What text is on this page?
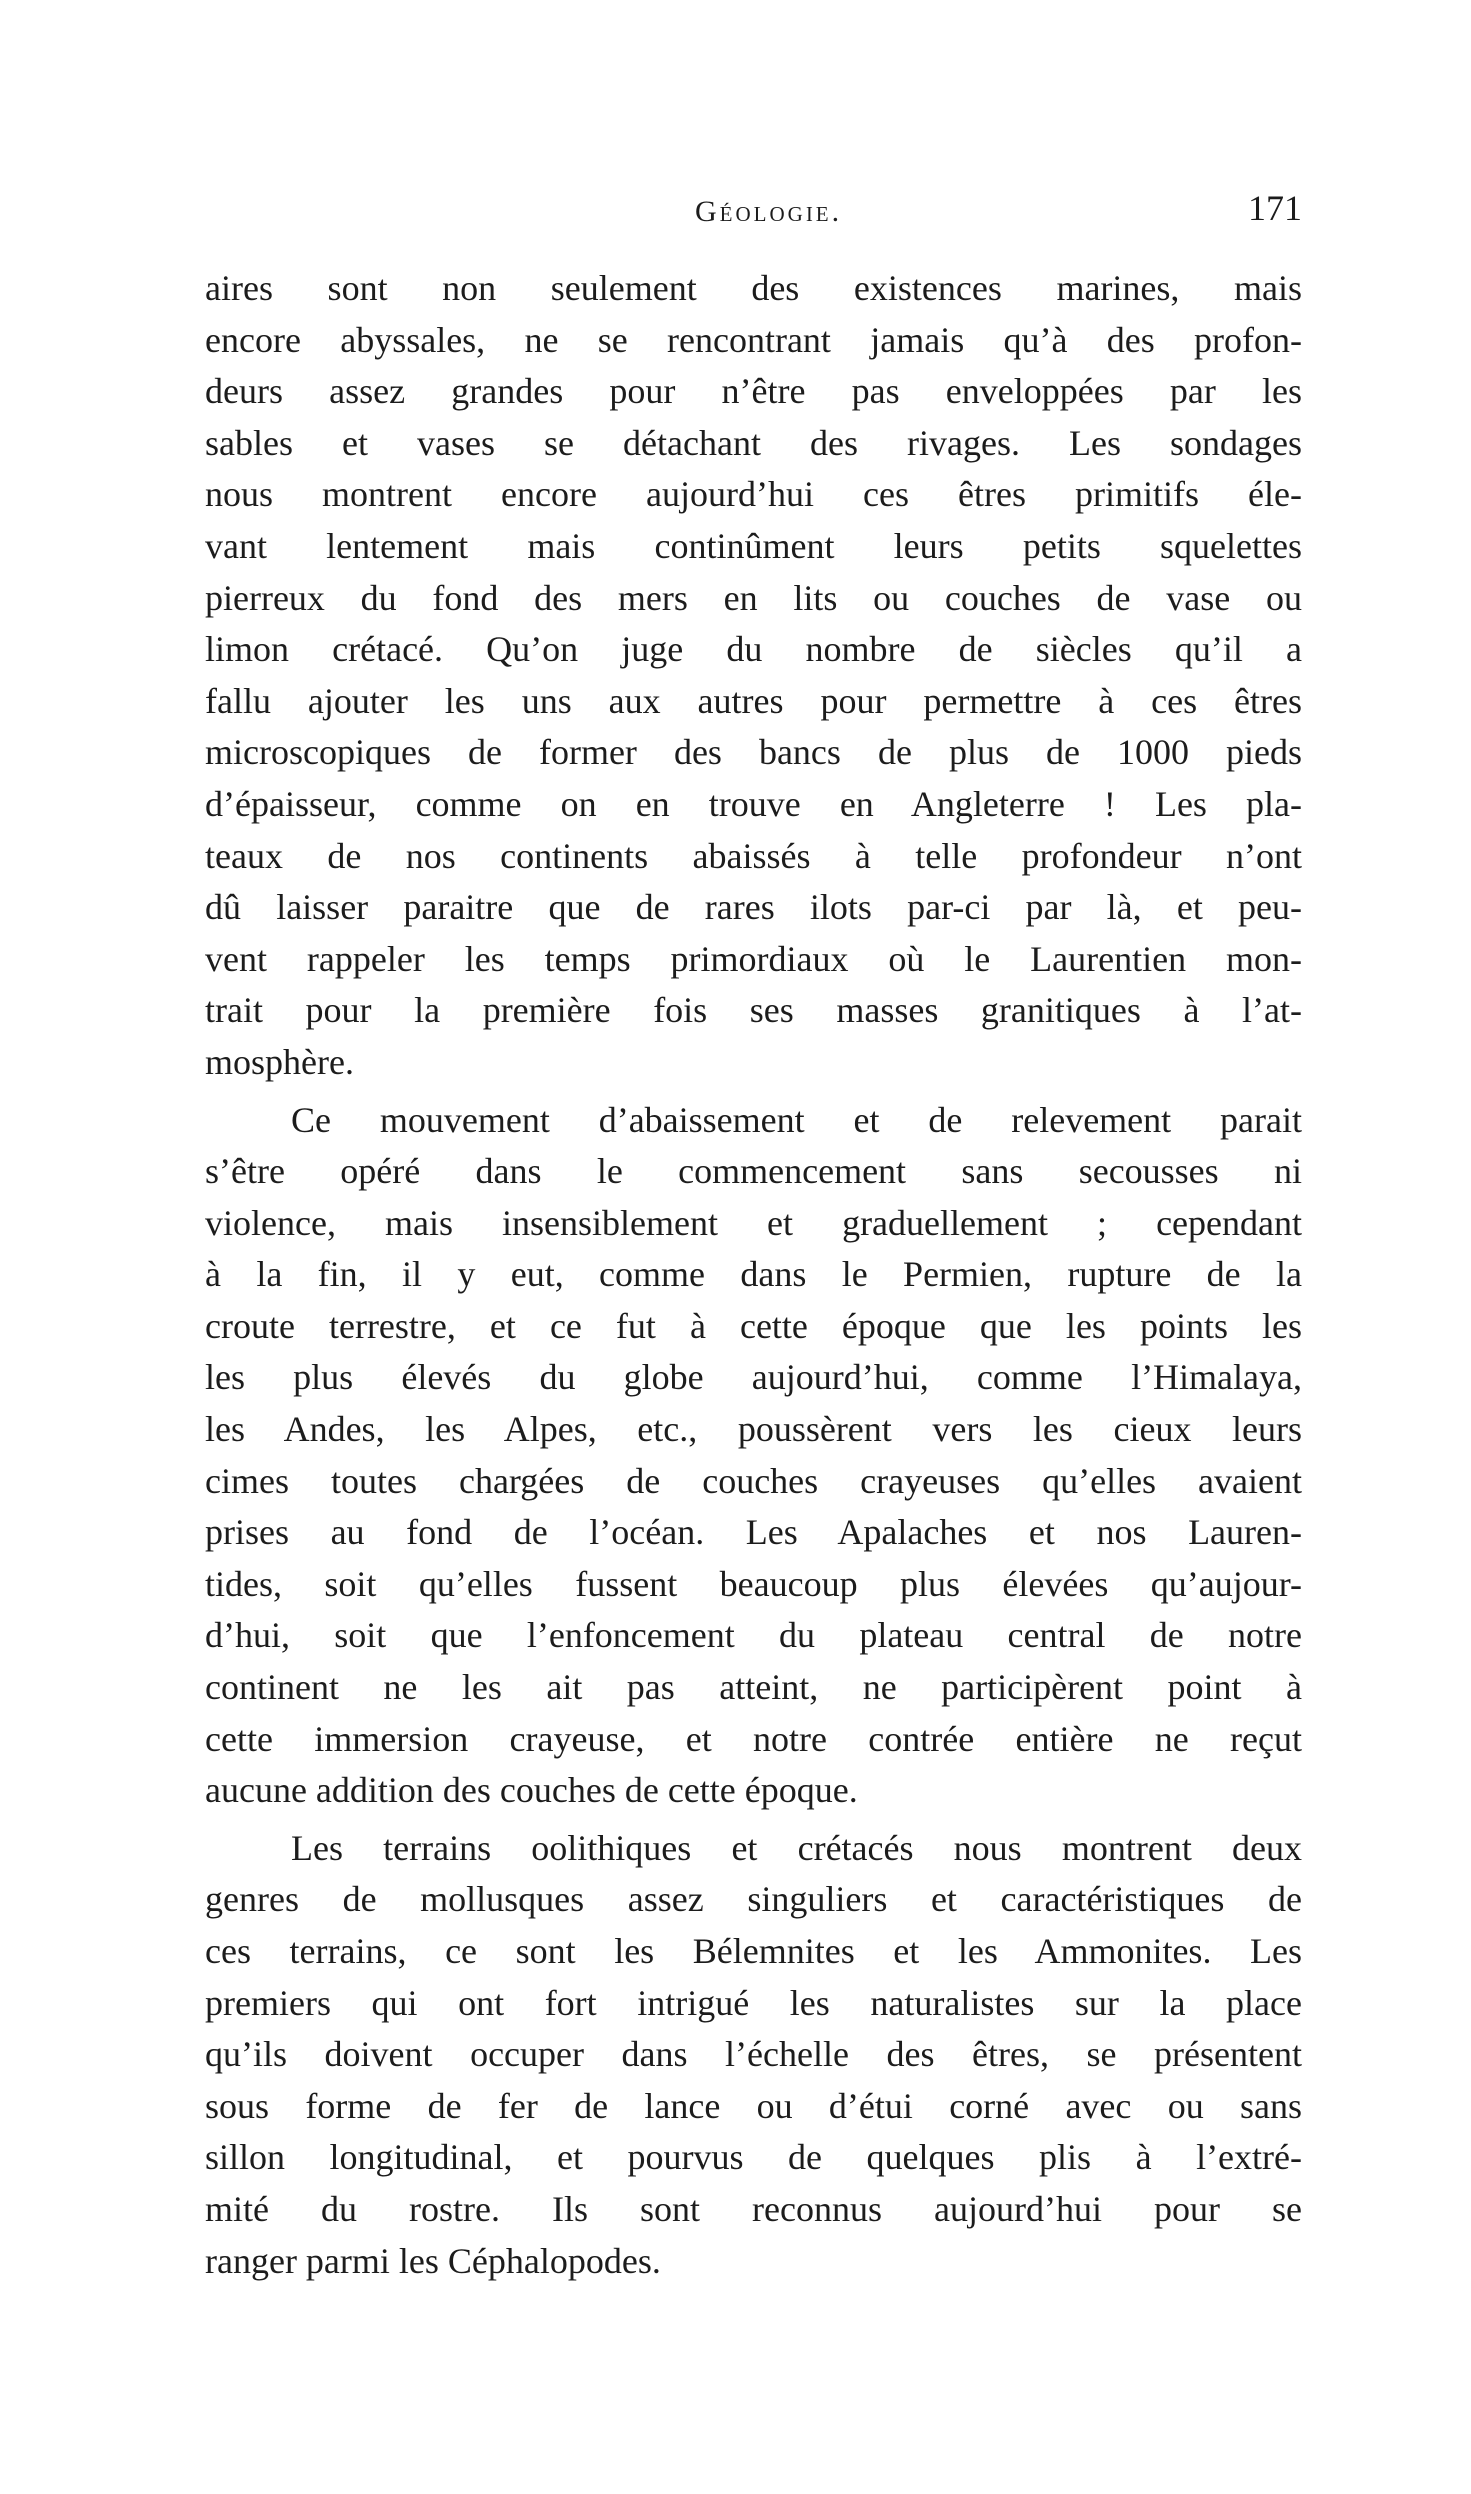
Géologie.	171
aires sont non seulement des existences marines, mais
encore abyssales, ne se rencontrant jamais qu’à des profon-
deurs assez grandes pour n’être pas enveloppées par les
sables et vases se détachant des rivages. Les sondages
nous montrent encore aujourd’hui ces êtres primitifs éle-
vant lentement mais continûment leurs petits squelettes
pierreux du fond des mers en lits ou couches de vase ou
limon crétacé. Qu’on juge du nombre de siècles qu’il a
fallu ajouter les uns aux autres pour permettre à ces êtres
microscopiques de former des bancs de plus de 1000 pieds
d’épaisseur, comme on en trouve en Angleterre ! Les pla-
teaux de nos continents abaissés à telle profondeur n’ont
dû laisser paraitre que de rares ilots par-ci par là, et peu-
vent rappeler les temps primordiaux où le Laurentien mon-
trait pour la première fois ses masses granitiques à l’at-
mosphère.
Ce mouvement d’abaissement et de relevement parait
s’être opéré dans le commencement sans secousses ni
violence, mais insensiblement et graduellement ; cependant
à la fin, il y eut, comme dans le Permien, rupture de la
croute terrestre, et ce fut à cette époque que les points les
les plus élevés du globe aujourd’hui, comme l’Himalaya,
les Andes, les Alpes, etc., poussèrent vers les cieux leurs
cimes toutes chargées de couches crayeuses qu’elles avaient
prises au fond de l’océan. Les Apalaches et nos Lauren-
tides, soit qu’elles fussent beaucoup plus élevées qu’aujour-
d’hui, soit que l’enfoncement du plateau central de notre
continent ne les ait pas atteint, ne participèrent point à
cette immersion crayeuse, et notre contrée entière ne reçut
aucune addition des couches de cette époque.
Les terrains oolithiques et crétacés nous montrent deux
genres de mollusques assez singuliers et caractéristiques de
ces terrains, ce sont les Bélemnites et les Ammonites. Les
premiers qui ont fort intrigué les naturalistes sur la place
qu’ils doivent occuper dans l’échelle des êtres, se présentent
sous forme de fer de lance ou d’étui corné avec ou sans
sillon longitudinal, et pourvus de quelques plis à l’extré-
mité du rostre. Ils sont reconnus aujourd’hui pour se
ranger parmi les Céphalopodes.
